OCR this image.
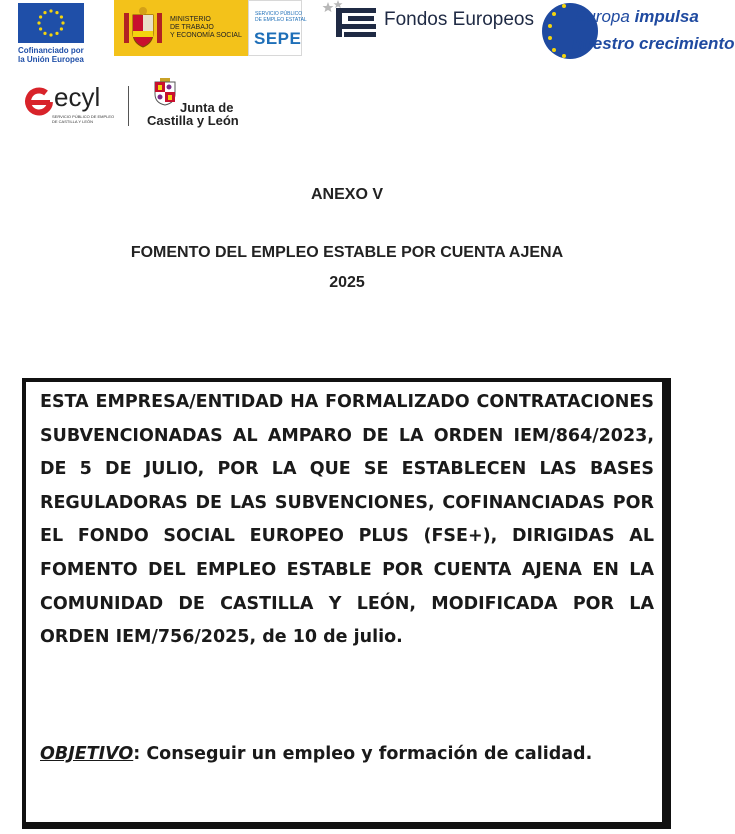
Cofinanciado por
la Unión Europea
MINISTERIO
DE TRABAJO
Y ECONOMÍA SOCIAL
SERVICIO PÚBLICO
DE EMPLEO ESTATAL
SEPE
Fondos Europeos Europa impulsa
nuestro crecimiento
ecyl
SERVICIO PÚBLICO DE EMPLEO
DE CASTILLA Y LEÓN
Junta de
Castilla y León
ANEXO V
FOMENTO DEL EMPLEO ESTABLE POR CUENTA AJENA
2025

ESTA EMPRESA/ENTIDAD HA FORMALIZADO CONTRATACIONES SUBVENCIONADAS AL AMPARO DE LA ORDEN IEM/864/2023, DE 5 DE JULIO, POR LA QUE SE ESTABLECEN LAS BASES REGULADORAS DE LAS SUBVENCIONES, COFINANCIADAS POR EL FONDO SOCIAL EUROPEO PLUS (FSE+), DIRIGIDAS AL FOMENTO DEL EMPLEO ESTABLE POR CUENTA AJENA EN LA COMUNIDAD DE CASTILLA Y LEÓN, MODIFICADA POR LA ORDEN IEM/756/2025, de 10 de julio.

OBJETIVO: Conseguir un empleo y formación de calidad.
